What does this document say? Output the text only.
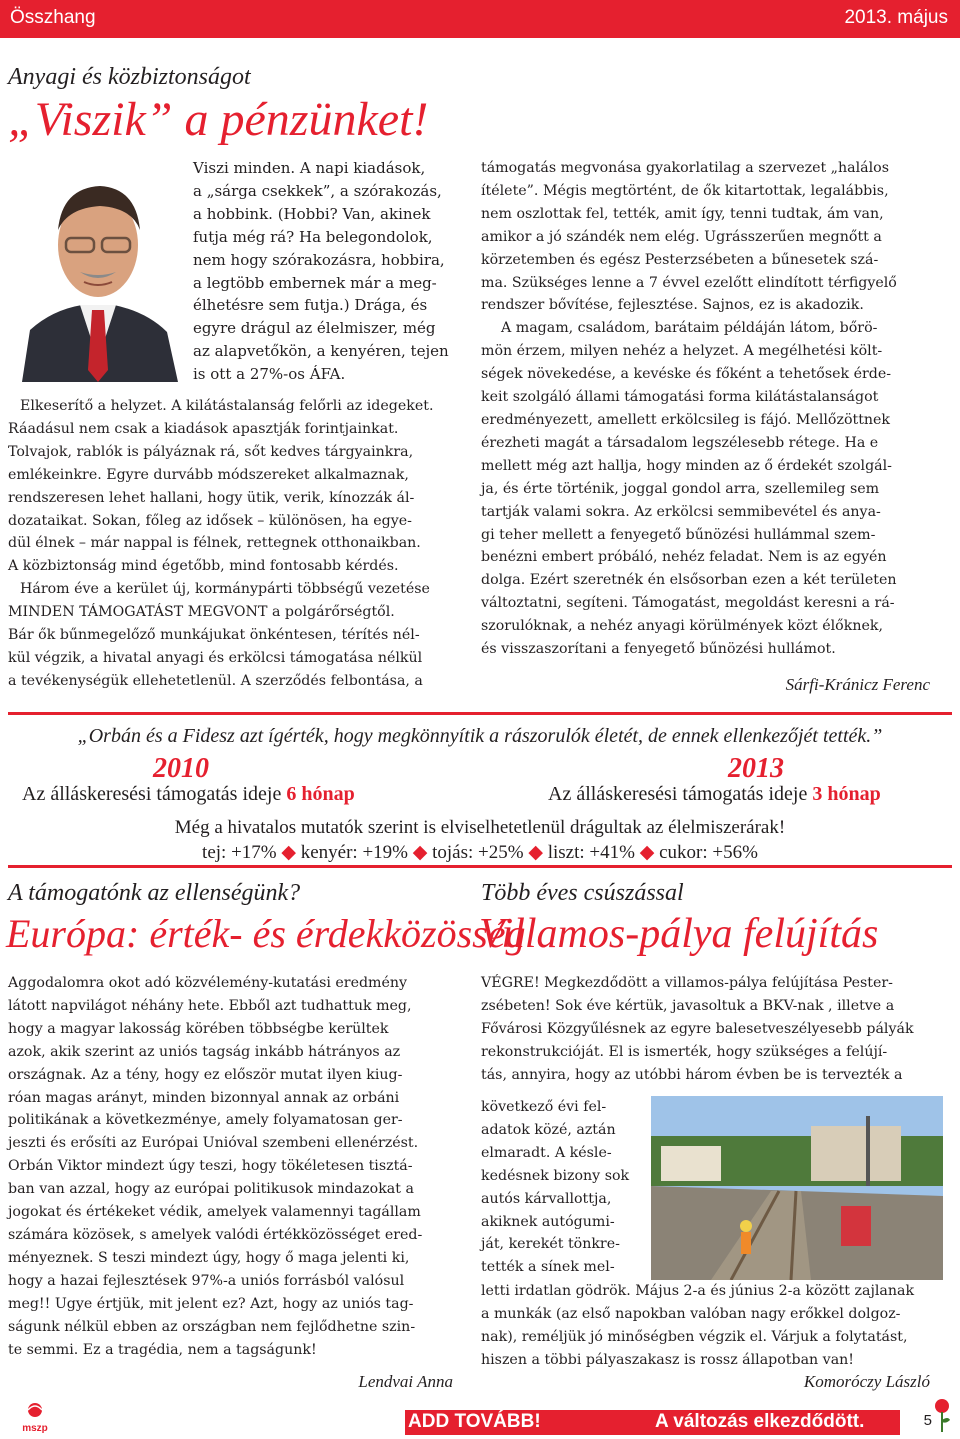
Összhang	2013. május
Anyagi és közbiztonságot
„Viszik” a pénzünket!

Viszi minden. A napi kiadások,

a „sárga csekkek”, a szórakozás,

a hobbink. (Hobbi? Van, akinek

futja még rá? Ha belegondolok,

nem hogy szórakozásra, hobbira,

a legtöbb embernek már a meg-

élhetésre sem futja.) Drága, és

egyre drágul az élelmiszer, még

az alapvetőkön, a kenyéren, tejen

is ott a 27%-os ÁFA.

Elkeserítő a helyzet. A kilátástalanság felőrli az idegeket.

Ráadásul nem csak a kiadások apasztják forintjainkat.

Tolvajok, rablók is pályáznak rá, sőt kedves tárgyainkra,

emlékeinkre. Egyre durvább módszereket alkalmaznak,

rendszeresen lehet hallani, hogy ütik, verik, kínozzák ál-

dozataikat. Sokan, főleg az idősek – különösen, ha egye-

dül élnek – már nappal is félnek, rettegnek otthonaikban.

A közbiztonság mind égetőbb, mind fontosabb kérdés.

Három éve a kerület új, kormánypárti többségű vezetése

MINDEN TÁMOGATÁST MEGVONT a polgárőrségtől.

Bár ők bűnmegelőző munkájukat önkéntesen, térítés nél-

kül végzik, a hivatal anyagi és erkölcsi támogatása nélkül

a tevékenységük ellehetetlenül. A szerződés felbontása, a

támogatás megvonása gyakorlatilag a szervezet „halálos

ítélete”. Mégis megtörtént, de ők kitartottak, legalábbis,

nem oszlottak fel, tették, amit így, tenni tudtak, ám van,

amikor a jó szándék nem elég. Ugrásszerűen megnőtt a

körzetemben és egész Pesterzsébeten a bűnesetek szá-

ma. Szükséges lenne a 7 évvel ezelőtt elindított térfigyelő

rendszer bővítése, fejlesztése. Sajnos, ez is akadozik.

A magam, családom, barátaim példáján látom, bőrö-

mön érzem, milyen nehéz a helyzet. A megélhetési költ-

ségek növekedése, a kevéske és főként a tehetősek érde-

keit szolgáló állami támogatási forma kilátástalanságot

eredményezett, amellett erkölcsileg is fájó. Mellőzöttnek

érezheti magát a társadalom legszélesebb rétege. Ha e

mellett még azt hallja, hogy minden az ő érdekét szolgál-

ja, és érte történik, joggal gondol arra, szellemileg sem

tartják valami sokra. Az erkölcsi semmibevétel és anya-

gi teher mellett a fenyegető bűnözési hullámmal szem-

benézni embert próbáló, nehéz feladat. Nem is az egyén

dolga. Ezért szeretnék én elsősorban ezen a két területen

változtatni, segíteni. Támogatást, megoldást keresni a rá-

szorulóknak, a nehéz anyagi körülmények közt élőknek,

és visszaszorítani a fenyegető bűnözési hullámot.

Sárfi-Kránicz Ferenc
„Orbán és a Fidesz azt ígérték, hogy megkönnyítik a rászorulók életét, de ennek ellenkezőjét tették.”
2010	2013
Az álláskeresési támogatás ideje 6 hónap	Az álláskeresési támogatás ideje 3 hónap
Még a hivatalos mutatók szerint is elviselhetetlenül drágultak az élelmiszerárak!
tej: +17% ◆ kenyér: +19% ◆ tojás: +25% ◆ liszt: +41% ◆ cukor: +56%
A támogatónk az ellenségünk?
Európa: érték- és érdekközösség

Aggodalomra okot adó közvélemény-kutatási eredmény

látott napvilágot néhány hete. Ebből azt tudhattuk meg,

hogy a magyar lakosság körében többségbe kerültek

azok, akik szerint az uniós tagság inkább hátrányos az

országnak. Az a tény, hogy ez először mutat ilyen kiug-

róan magas arányt, minden bizonnyal annak az orbáni

politikának a következménye, amely folyamatosan ger-

jeszti és erősíti az Európai Unióval szembeni ellenérzést.

Orbán Viktor mindezt úgy teszi, hogy tökéletesen tisztá-

ban van azzal, hogy az európai politikusok mindazokat a

jogokat és értékeket védik, amelyek valamennyi tagállam

számára közösek, s amelyek valódi értékközösséget ered-

ményeznek. S teszi mindezt úgy, hogy ő maga jelenti ki,

hogy a hazai fejlesztések 97%-a uniós forrásból valósul

meg!! Ugye értjük, mit jelent ez? Azt, hogy az uniós tag-

ságunk nélkül ebben az országban nem fejlődhetne szin-

te semmi. Ez a tragédia, nem a tagságunk!

Lendvai Anna
Több éves csúszással
Villamos-pálya felújítás

VÉGRE! Megkezdődött a villamos-pálya felújítása Pester-

zsébeten! Sok éve kértük, javasoltuk a BKV-nak , illetve a

Fővárosi Közgyűlésnek az egyre balesetveszélyesebb pályák

rekonstrukcióját. El is ismerték, hogy szükséges a felújí-

tás, annyira, hogy az utóbbi három évben be is tervezték a

következő évi fel-

adatok közé, aztán

elmaradt. A késle-

kedésnek bizony sok

autós kárvallottja,

akiknek autógumi-

ját, kerekét tönkre-

tették a sínek mel-

letti irdatlan gödrök. Május 2-a és június 2-a között zajlanak

a munkák (az első napokban valóban nagy erőkkel dolgoz-

nak), reméljük jó minőségben végzik el. Várjuk a folytatást,

hiszen a többi pályaszakasz is rossz állapotban van!

Komoróczy László
mszp	ADD TOVÁBB!	A változás elkezdődött.	5
